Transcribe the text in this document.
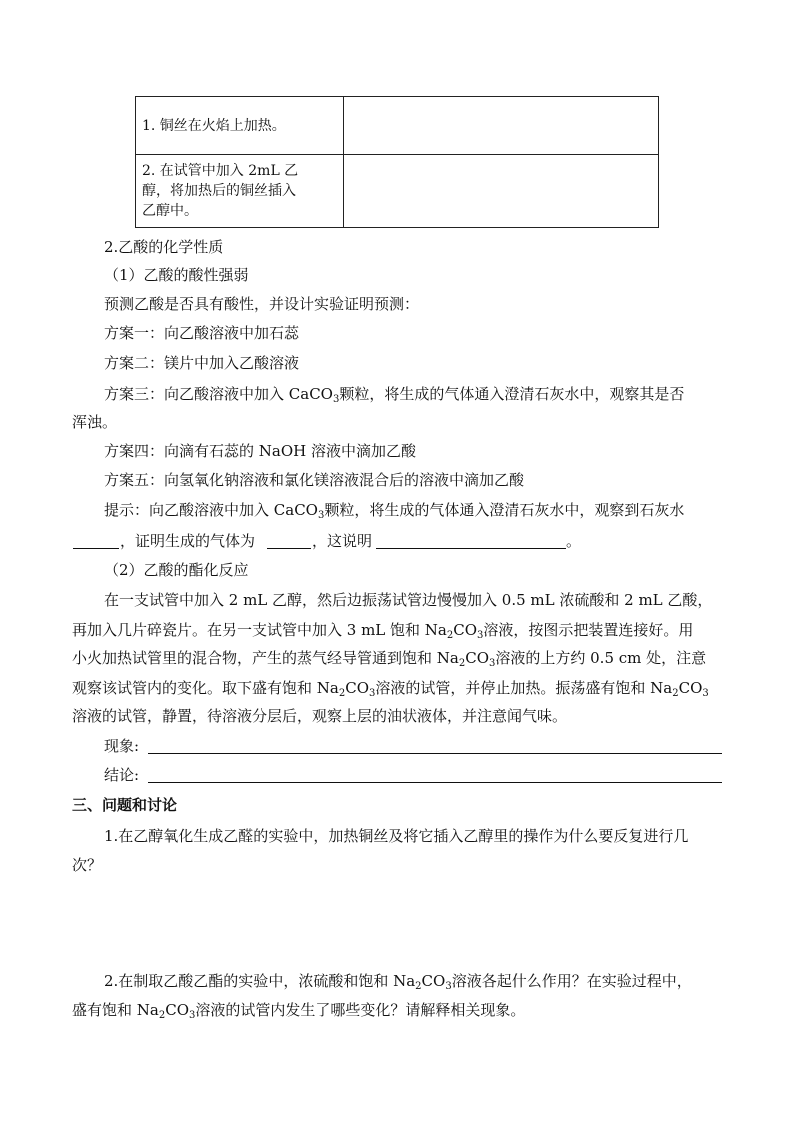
1. 铜丝在火焰上加热。	

2. 在试管中加入 2mL 乙
醇，将加热后的铜丝插入
乙醇中。	

2.乙酸的化学性质
（1）乙酸的酸性强弱
预测乙酸是否具有酸性，并设计实验证明预测：
方案一：向乙酸溶液中加石蕊
方案二：镁片中加入乙酸溶液
方案三：向乙酸溶液中加入 CaCO$_3$颗粒，将生成的气体通入澄清石灰水中，观察其是否
浑浊。
方案四：向滴有石蕊的 NaOH 溶液中滴加乙酸
方案五：向氢氧化钠溶液和氯化镁溶液混合后的溶液中滴加乙酸
提示：向乙酸溶液中加入 CaCO$_3$颗粒，将生成的气体通入澄清石灰水中，观察到石灰水
，证明生成的气体为	，这说明	。
（2）乙酸的酯化反应
在一支试管中加入 2 mL 乙醇，然后边振荡试管边慢慢加入 0.5 mL 浓硫酸和 2 mL 乙酸，
再加入几片碎瓷片。在另一支试管中加入 3 mL 饱和 $Na_2CO_3$溶液，按图示把装置连接好。用
小火加热试管里的混合物，产生的蒸气经导管通到饱和 $Na_2CO_3$溶液的上方约 0.5 cm 处，注意
观察该试管内的变化。取下盛有饱和 $Na_2CO_3$溶液的试管，并停止加热。振荡盛有饱和 $Na_2CO_3$
溶液的试管，静置，待溶液分层后，观察上层的油状液体，并注意闻气味。
现象:
结论:
三、问题和讨论
1.在乙醇氧化生成乙醛的实验中，加热铜丝及将它插入乙醇里的操作为什么要反复进行几
次？
2.在制取乙酸乙酯的实验中，浓硫酸和饱和 $Na_2CO_3$溶液各起什么作用？在实验过程中，
盛有饱和 $Na_2CO_3$溶液的试管内发生了哪些变化？请解释相关现象。
